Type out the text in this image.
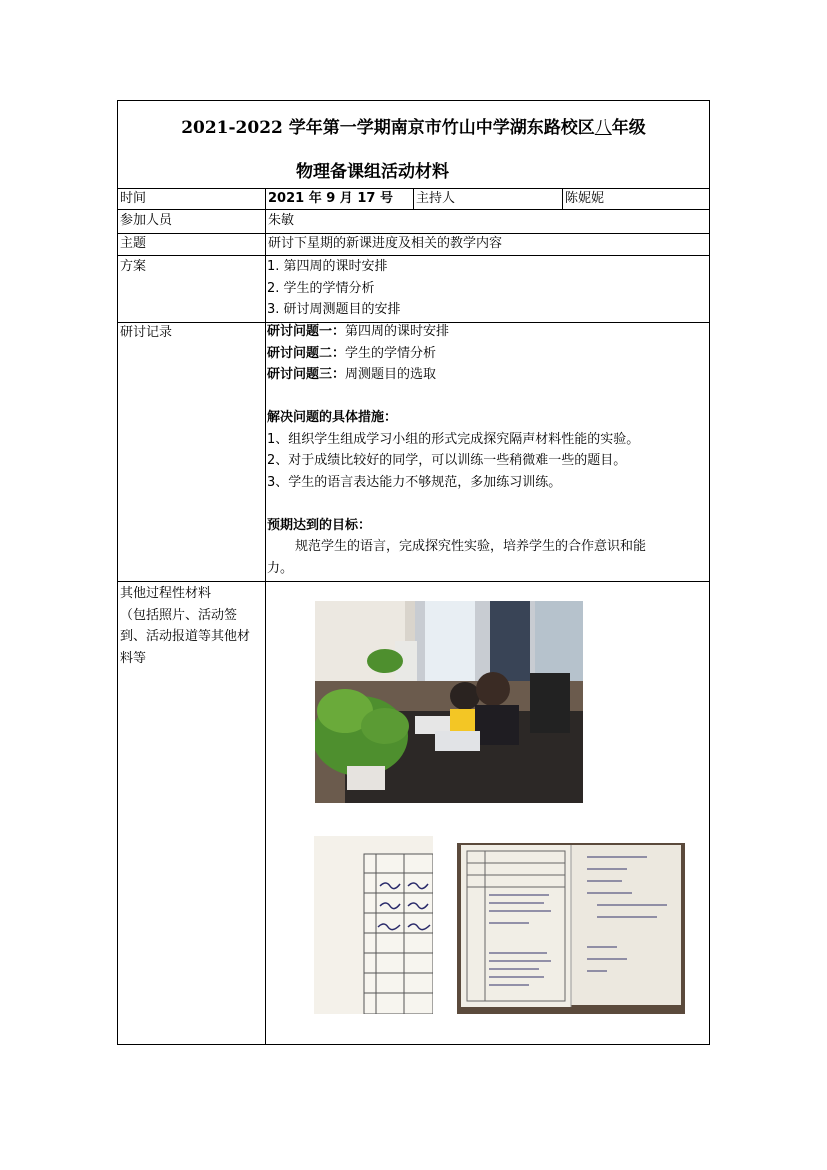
2021-2022 学年第一学期南京市竹山中学湖东路校区八年级
物理备课组活动材料
时间	2021 年 9 月 17 号	主持人	陈妮妮
参加人员	朱敏
主题	研讨下星期的新课进度及相关的教学内容
方案	1. 第四周的课时安排
2. 学生的学情分析
3. 研讨周测题目的安排
研讨记录	研讨问题一：第四周的课时安排
研讨问题二：学生的学情分析
研讨问题三：周测题目的选取
解决问题的具体措施：
1、组织学生组成学习小组的形式完成探究隔声材料性能的实验。
2、对于成绩比较好的同学，可以训练一些稍微难一些的题目。
3、学生的语言表达能力不够规范，多加练习训练。
预期达到的目标：
规范学生的语言，完成探究性实验，培养学生的合作意识和能
力。
其他过程性材料
（包括照片、活动签
到、活动报道等其他材
料等
